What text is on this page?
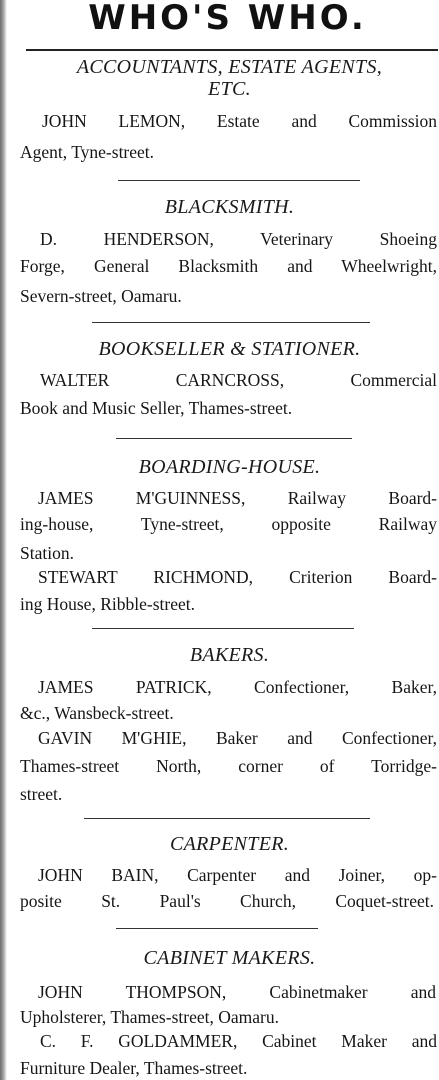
WHO'S WHO.
ACCOUNTANTS, ESTATE AGENTS,
ETC.
JOHN LEMON, Estate and Commission
Agent, Tyne-street.
BLACKSMITH.
D. HENDERSON, Veterinary Shoeing
Forge, General Blacksmith and Wheelwright,
Severn-street, Oamaru.
BOOKSELLER & STATIONER.
WALTER CARNCROSS, Commercial
Book and Music Seller, Thames-street.
BOARDING-HOUSE.
JAMES M'GUINNESS, Railway Board-
ing-house, Tyne-street, opposite Railway
Station.
STEWART RICHMOND, Criterion Board-
ing House, Ribble-street.
BAKERS.
JAMES PATRICK, Confectioner, Baker,
&c., Wansbeck-street.
GAVIN M'GHIE, Baker and Confectioner,
Thames-street North, corner of Torridge-
street.
CARPENTER.
JOHN BAIN, Carpenter and Joiner, op-
posite St. Paul's Church, Coquet-street.
CABINET MAKERS.
JOHN THOMPSON, Cabinetmaker and
Upholsterer, Thames-street, Oamaru.
C. F. GOLDAMMER, Cabinet Maker and
Furniture Dealer, Thames-street.
